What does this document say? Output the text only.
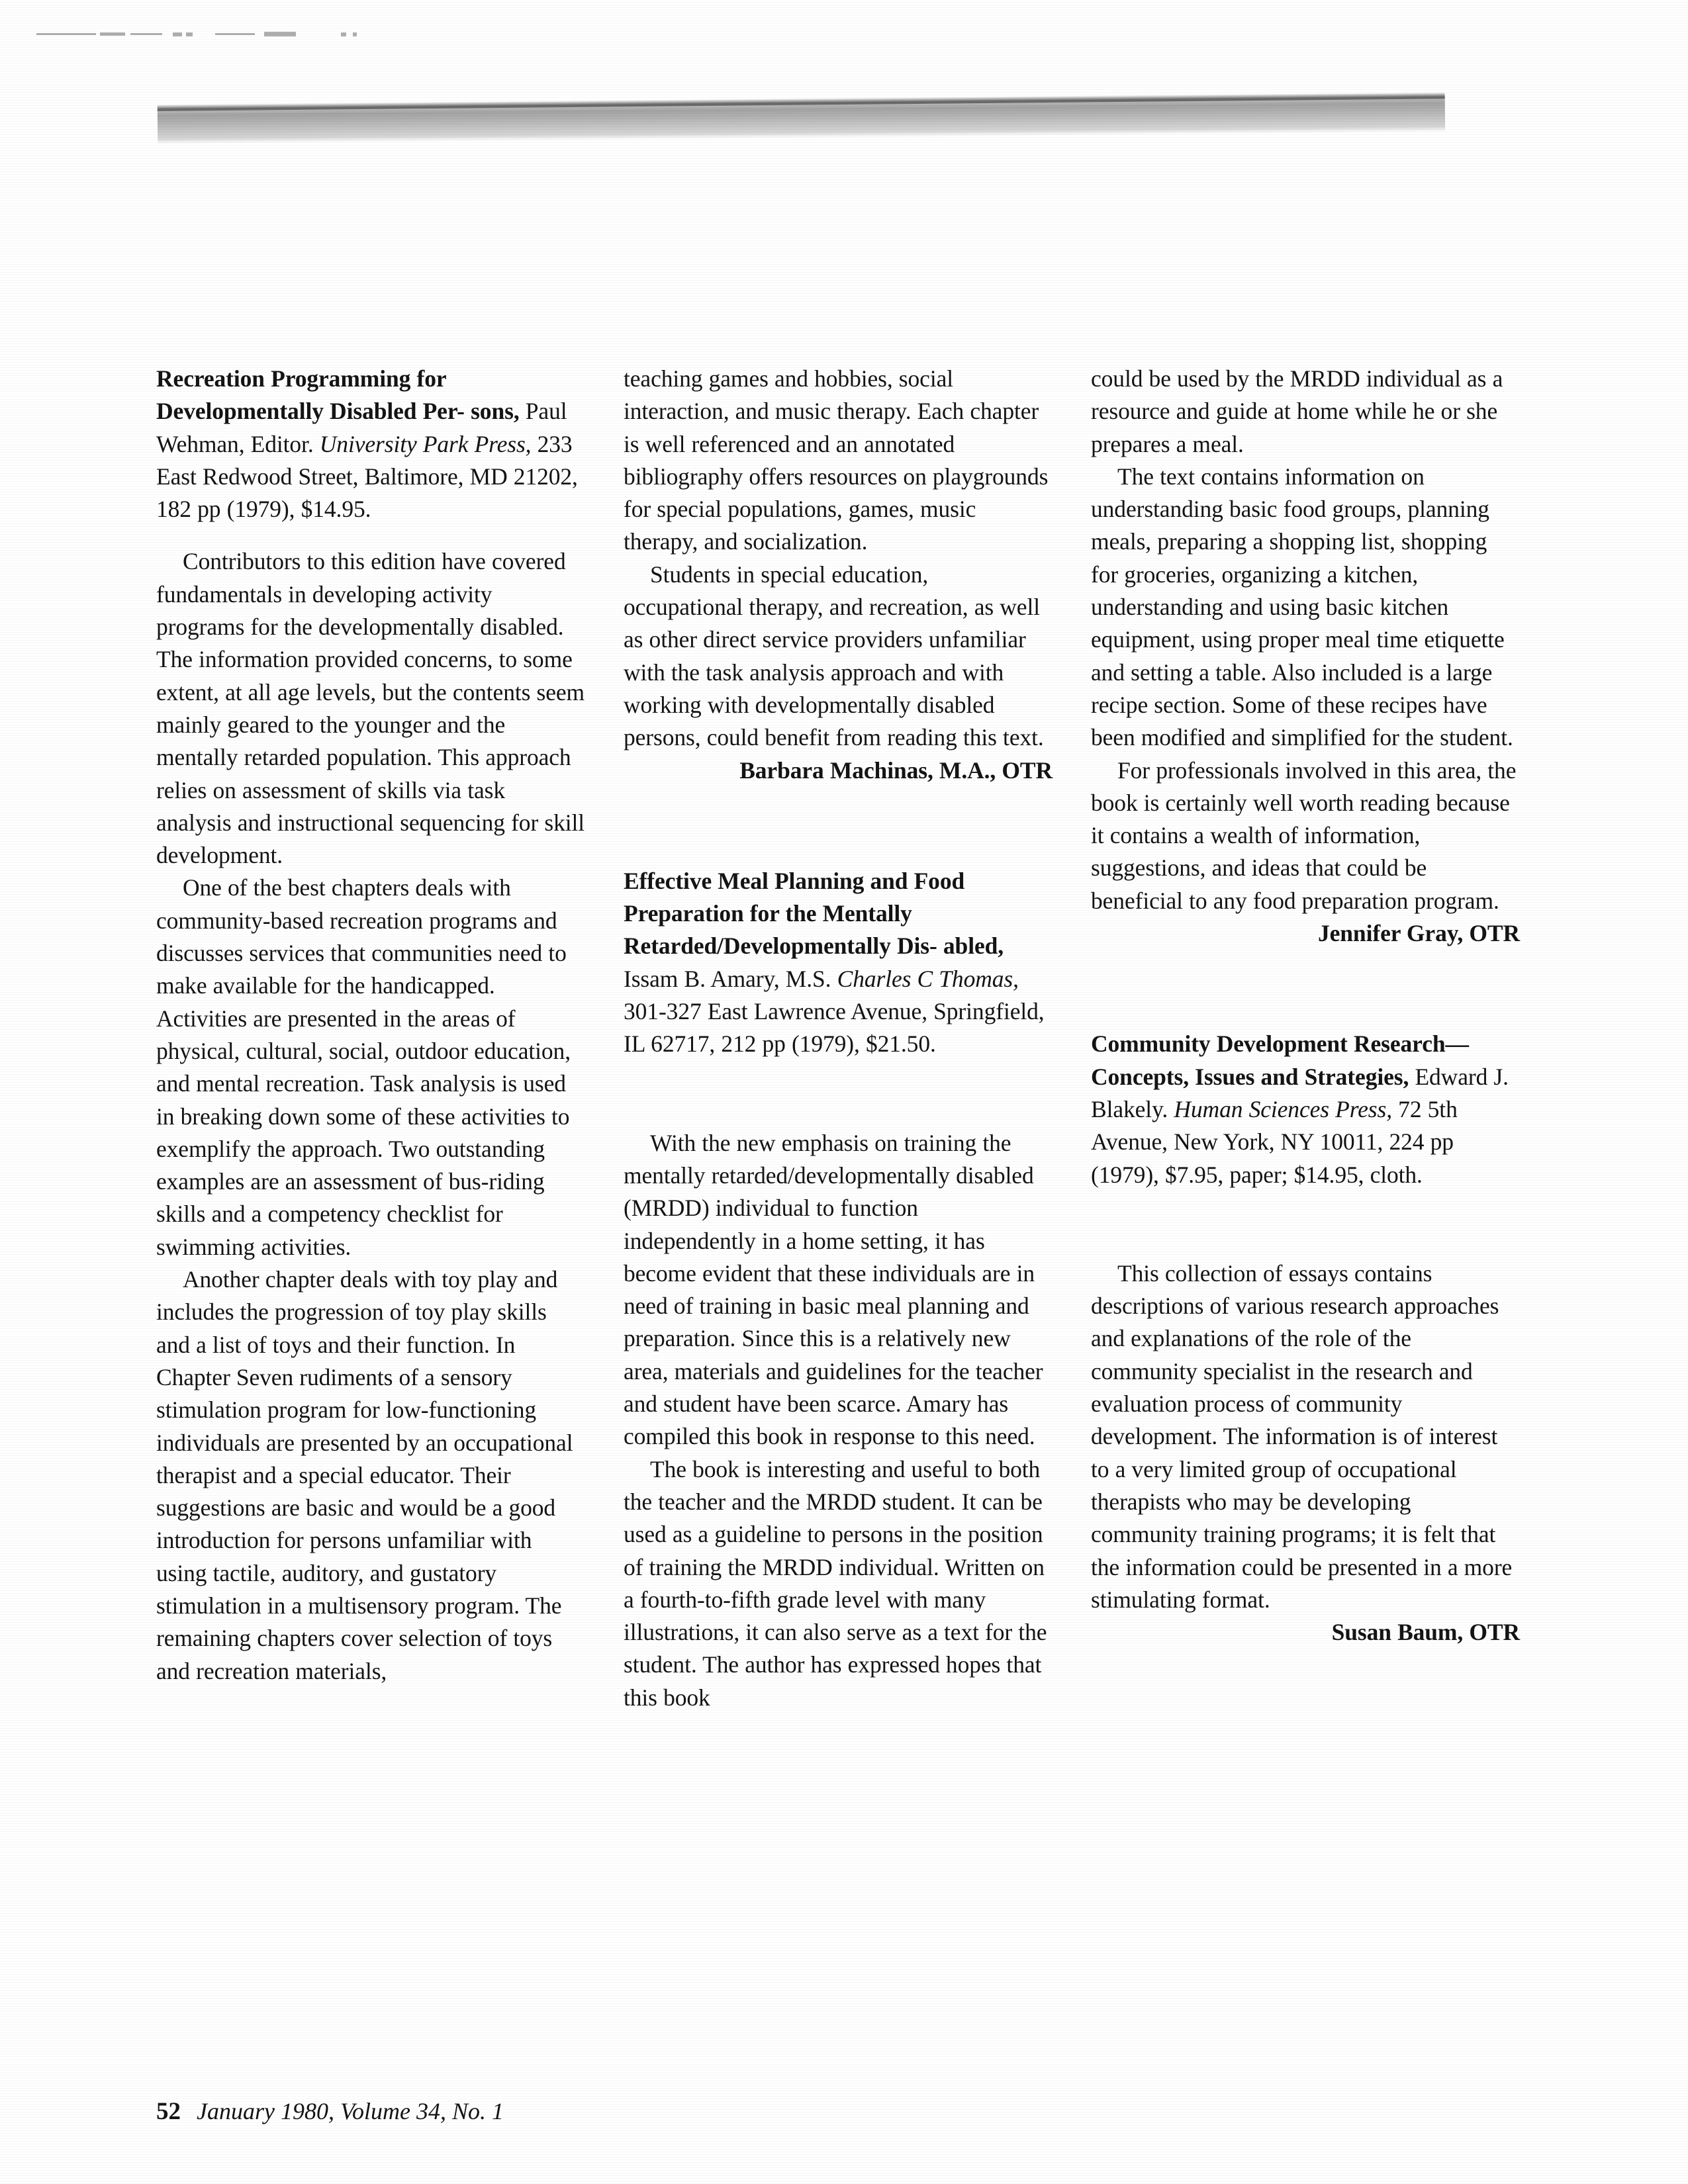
Recreation Programming for Developmentally Disabled Per- sons, Paul Wehman, Editor. University Park Press, 233 East Redwood Street, Baltimore, MD 21202, 182 pp (1979), $14.95.

Contributors to this edition have covered fundamentals in developing activity programs for the developmentally disabled. The information provided concerns, to some extent, at all age levels, but the contents seem mainly geared to the younger and the mentally retarded population. This approach relies on assessment of skills via task analysis and instructional sequencing for skill development.

One of the best chapters deals with community-based recreation programs and discusses services that communities need to make available for the handicapped. Activities are presented in the areas of physical, cultural, social, outdoor education, and mental recreation. Task analysis is used in breaking down some of these activities to exemplify the approach. Two outstanding examples are an assessment of bus-riding skills and a competency checklist for swimming activities.

Another chapter deals with toy play and includes the progression of toy play skills and a list of toys and their function. In Chapter Seven rudiments of a sensory stimulation program for low-functioning individuals are presented by an occupational therapist and a special educator. Their suggestions are basic and would be a good introduction for persons unfamiliar with using tactile, auditory, and gustatory stimulation in a multisensory program. The remaining chapters cover selection of toys and recreation materials,

teaching games and hobbies, social interaction, and music therapy. Each chapter is well referenced and an annotated bibliography offers resources on playgrounds for special populations, games, music therapy, and socialization.

Students in special education, occupational therapy, and recreation, as well as other direct service providers unfamiliar with the task analysis approach and with working with developmentally disabled persons, could benefit from reading this text.

Barbara Machinas, M.A., OTR

Effective Meal Planning and Food Preparation for the Mentally Retarded/Developmentally Dis- abled, Issam B. Amary, M.S. Charles C Thomas, 301-327 East Lawrence Avenue, Springfield, IL 62717, 212 pp (1979), $21.50.

With the new emphasis on training the mentally retarded/developmentally disabled (MRDD) individual to function independently in a home setting, it has become evident that these individuals are in need of training in basic meal planning and preparation. Since this is a relatively new area, materials and guidelines for the teacher and student have been scarce. Amary has compiled this book in response to this need.

The book is interesting and useful to both the teacher and the MRDD student. It can be used as a guideline to persons in the position of training the MRDD individual. Written on a fourth-to-fifth grade level with many illustrations, it can also serve as a text for the student. The author has expressed hopes that this book

could be used by the MRDD individual as a resource and guide at home while he or she prepares a meal.

The text contains information on understanding basic food groups, planning meals, preparing a shopping list, shopping for groceries, organizing a kitchen, understanding and using basic kitchen equipment, using proper meal time etiquette and setting a table. Also included is a large recipe section. Some of these recipes have been modified and simplified for the student.

For professionals involved in this area, the book is certainly well worth reading because it contains a wealth of information, suggestions, and ideas that could be beneficial to any food preparation program.

Jennifer Gray, OTR

Community Development Research—Concepts, Issues and Strategies, Edward J. Blakely. Human Sciences Press, 72 5th Avenue, New York, NY 10011, 224 pp (1979), $7.95, paper; $14.95, cloth.

This collection of essays contains descriptions of various research approaches and explanations of the role of the community specialist in the research and evaluation process of community development. The information is of interest to a very limited group of occupational therapists who may be developing community training programs; it is felt that the information could be presented in a more stimulating format.

Susan Baum, OTR

52 January 1980, Volume 34, No. 1
